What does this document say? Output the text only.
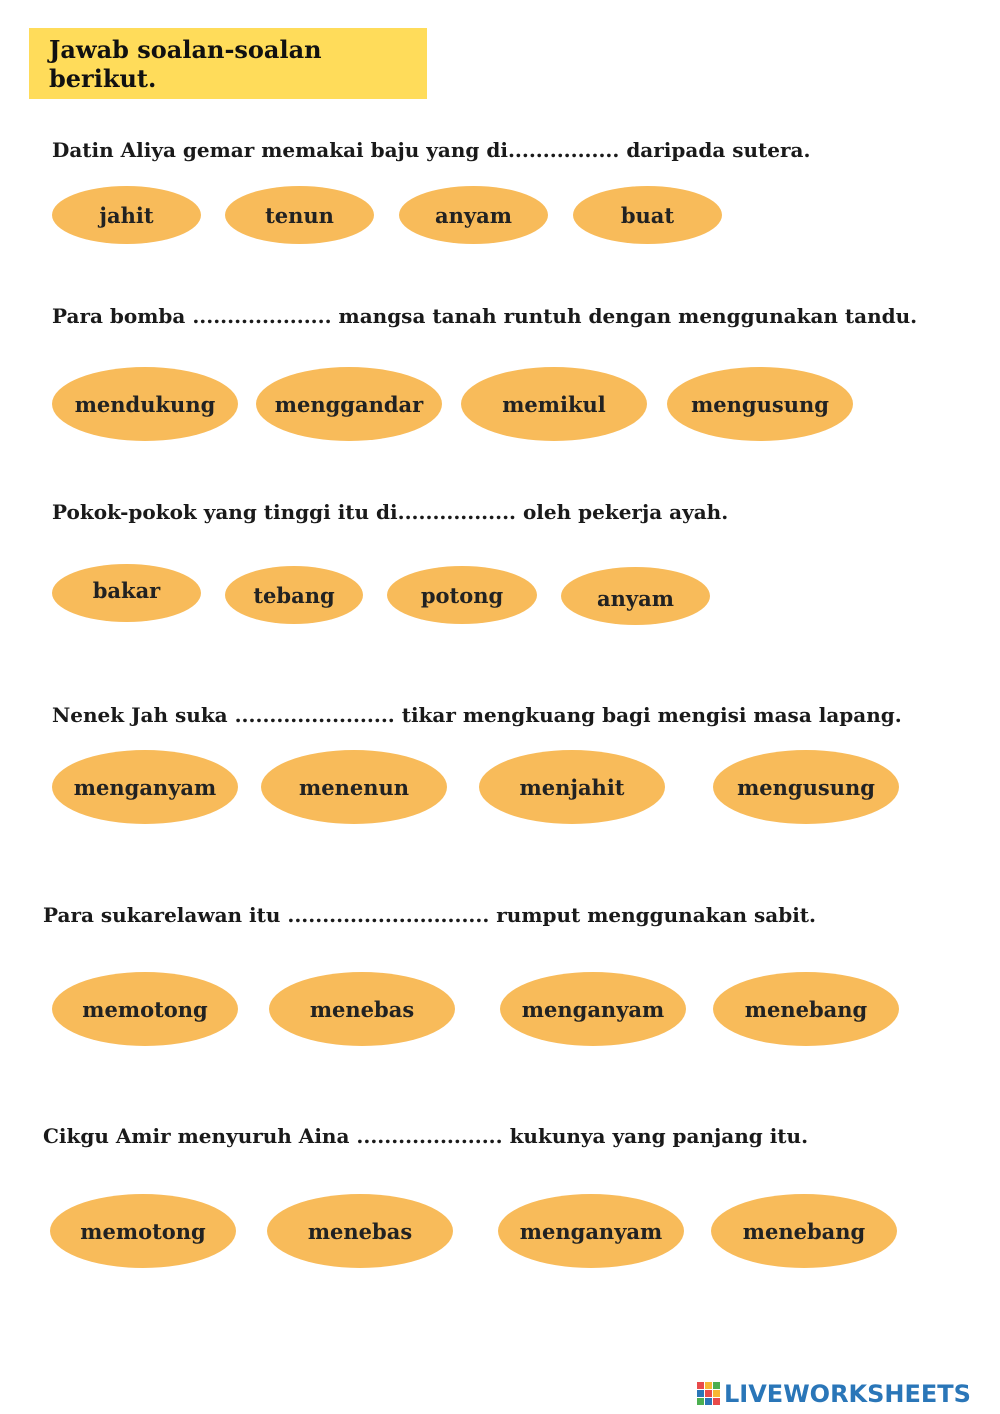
Jawab soalan-soalan berikut.
Datin Aliya gemar memakai baju yang di................ daripada sutera.
jahit	tenun	anyam	buat
Para bomba .................... mangsa tanah runtuh dengan menggunakan tandu.
mendukung	menggandar	memikul	mengusung
Pokok-pokok yang tinggi itu di................. oleh pekerja ayah.
bakar	tebang	potong	anyam
Nenek Jah suka ....................... tikar mengkuang bagi mengisi masa lapang.
menganyam	menenun	menjahit	mengusung
Para sukarelawan itu ............................. rumput menggunakan sabit.
memotong	menebas	menganyam	menebang
Cikgu Amir menyuruh Aina ..................... kukunya yang panjang itu.
memotong	menebas	menganyam	menebang
LIVEWORKSHEETS
